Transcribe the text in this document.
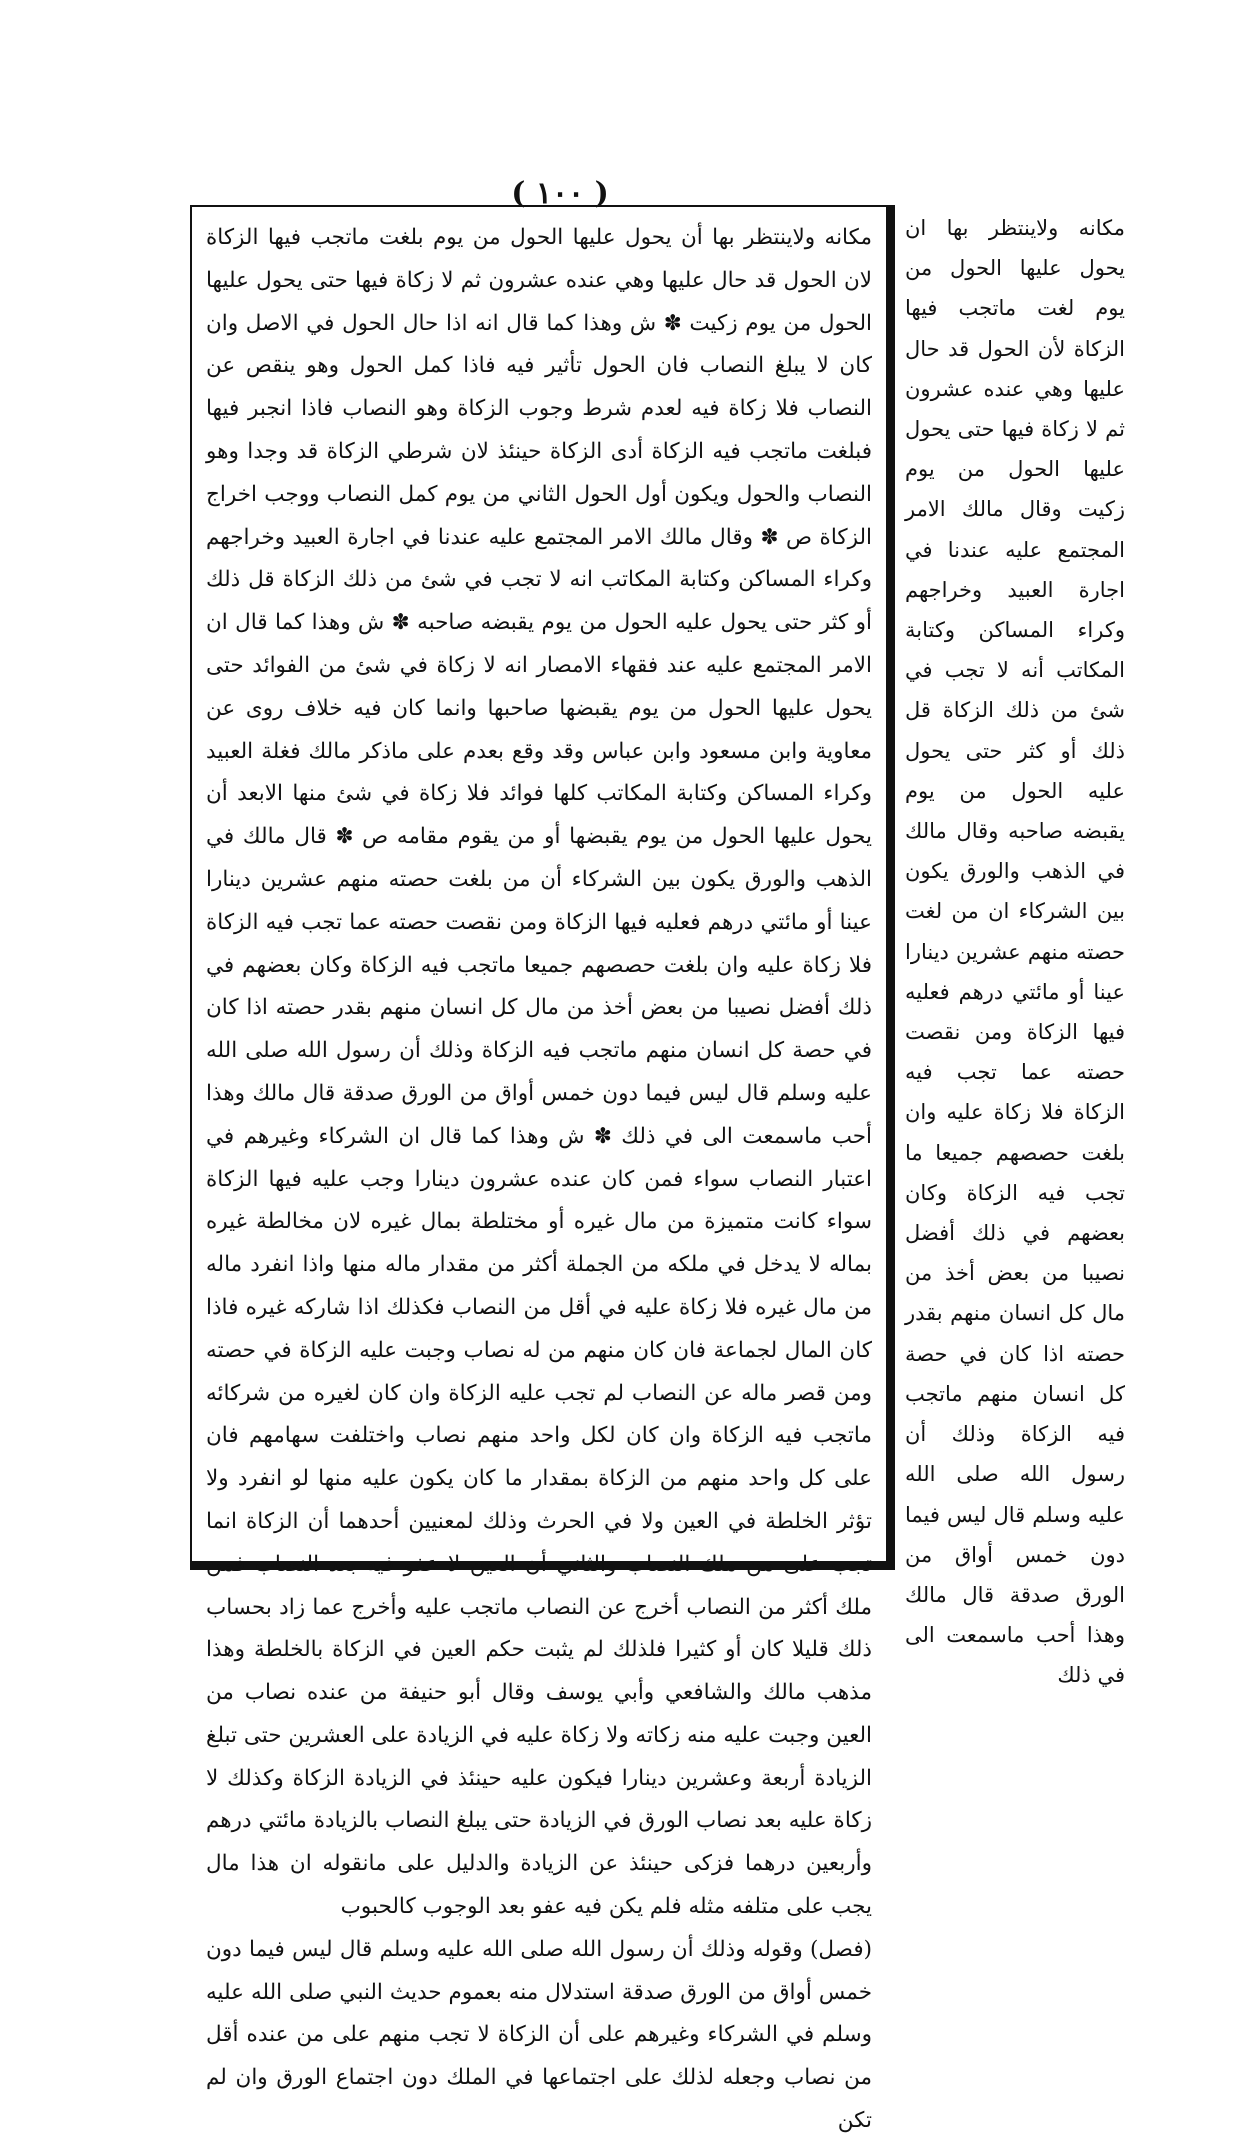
( ١٠٠ )

مكانه ولاينتظر بها ان يحول عليها الحول من يوم لغت ماتجب فيها الزكاة لأن الحول قد حال عليها وهي عنده عشرون ثم لا زكاة فيها حتى يحول عليها الحول من يوم زكيت وقال مالك الامر المجتمع عليه عندنا في اجارة العبيد وخراجهم وكراء المساكن وكتابة المكاتب أنه لا تجب في شئ من ذلك الزكاة قل ذلك أو كثر حتى يحول عليه الحول من يوم يقبضه صاحبه وقال مالك في الذهب والورق يكون بين الشركاء ان من لغت حصته منهم عشرين دينارا عينا أو مائتي درهم فعليه فيها الزكاة ومن نقصت حصته عما تجب فيه الزكاة فلا زكاة عليه وان بلغت حصصهم جميعا ما تجب فيه الزكاة وكان بعضهم في ذلك أفضل نصيبا من بعض أخذ من مال كل انسان منهم بقدر حصته اذا كان في حصة كل انسان منهم ماتجب فيه الزكاة وذلك أن رسول الله صلى الله عليه وسلم قال ليس فيما دون خمس أواق من الورق صدقة قال مالك وهذا أحب ماسمعت الى في ذلك

مكانه ولاينتظر بها أن يحول عليها الحول من يوم بلغت ماتجب فيها الزكاة لان الحول قد حال عليها وهي عنده عشرون ثم لا زكاة فيها حتى يحول عليها الحول من يوم زكيت ✽ ش وهذا كما قال انه اذا حال الحول في الاصل وان كان لا يبلغ النصاب فان الحول تأثير فيه فاذا كمل الحول وهو ينقص عن النصاب فلا زكاة فيه لعدم شرط وجوب الزكاة وهو النصاب فاذا انجبر فيها فبلغت ماتجب فيه الزكاة أدى الزكاة حينئذ لان شرطي الزكاة قد وجدا وهو النصاب والحول ويكون أول الحول الثاني من يوم كمل النصاب ووجب اخراج الزكاة ص ✽ وقال مالك الامر المجتمع عليه عندنا في اجارة العبيد وخراجهم وكراء المساكن وكتابة المكاتب انه لا تجب في شئ من ذلك الزكاة قل ذلك أو كثر حتى يحول عليه الحول من يوم يقبضه صاحبه ✽ ش وهذا كما قال ان الامر المجتمع عليه عند فقهاء الامصار انه لا زكاة في شئ من الفوائد حتى يحول عليها الحول من يوم يقبضها صاحبها وانما كان فيه خلاف روى عن معاوية وابن مسعود وابن عباس وقد وقع بعدم على ماذكر مالك فغلة العبيد وكراء المساكن وكتابة المكاتب كلها فوائد فلا زكاة في شئ منها الابعد أن يحول عليها الحول من يوم يقبضها أو من يقوم مقامه ص ✽ قال مالك في الذهب والورق يكون بين الشركاء أن من بلغت حصته منهم عشرين دينارا عينا أو مائتي درهم فعليه فيها الزكاة ومن نقصت حصته عما تجب فيه الزكاة فلا زكاة عليه وان بلغت حصصهم جميعا ماتجب فيه الزكاة وكان بعضهم في ذلك أفضل نصيبا من بعض أخذ من مال كل انسان منهم بقدر حصته اذا كان في حصة كل انسان منهم ماتجب فيه الزكاة وذلك أن رسول الله صلى الله عليه وسلم قال ليس فيما دون خمس أواق من الورق صدقة قال مالك وهذا أحب ماسمعت الى في ذلك ✽ ش وهذا كما قال ان الشركاء وغيرهم في اعتبار النصاب سواء فمن كان عنده عشرون دينارا وجب عليه فيها الزكاة سواء كانت متميزة من مال غيره أو مختلطة بمال غيره لان مخالطة غيره بماله لا يدخل في ملكه من الجملة أكثر من مقدار ماله منها واذا انفرد ماله من مال غيره فلا زكاة عليه في أقل من النصاب فكذلك اذا شاركه غيره فاذا كان المال لجماعة فان كان منهم من له نصاب وجبت عليه الزكاة في حصته ومن قصر ماله عن النصاب لم تجب عليه الزكاة وان كان لغيره من شركائه ماتجب فيه الزكاة وان كان لكل واحد منهم نصاب واختلفت سهامهم فان على كل واحد منهم من الزكاة بمقدار ما كان يكون عليه منها لو انفرد ولا تؤثر الخلطة في العين ولا في الحرث وذلك لمعنيين أحدهما أن الزكاة انما تجب على من ملك النصاب والثاني أن العين لا عفو فيه بعد النصاب فمن ملك أكثر من النصاب أخرج عن النصاب ماتجب عليه وأخرج عما زاد بحساب ذلك قليلا كان أو كثيرا فلذلك لم يثبت حكم العين في الزكاة بالخلطة وهذا مذهب مالك والشافعي وأبي يوسف وقال أبو حنيفة من عنده نصاب من العين وجبت عليه منه زكاته ولا زكاة عليه في الزيادة على العشرين حتى تبلغ الزيادة أربعة وعشرين دينارا فيكون عليه حينئذ في الزيادة الزكاة وكذلك لا زكاة عليه بعد نصاب الورق في الزيادة حتى يبلغ النصاب بالزيادة مائتي درهم وأربعين درهما فزكى حينئذ عن الزيادة والدليل على مانقوله ان هذا مال يجب على متلفه مثله فلم يكن فيه عفو بعد الوجوب كالحبوب

(فصل) وقوله وذلك أن رسول الله صلى الله عليه وسلم قال ليس فيما دون خمس أواق من الورق صدقة استدلال منه بعموم حديث النبي صلى الله عليه وسلم في الشركاء وغيرهم على أن الزكاة لا تجب منهم على من عنده أقل من نصاب وجعله لذلك على اجتماعها في الملك دون اجتماع الورق وان لم تكن
